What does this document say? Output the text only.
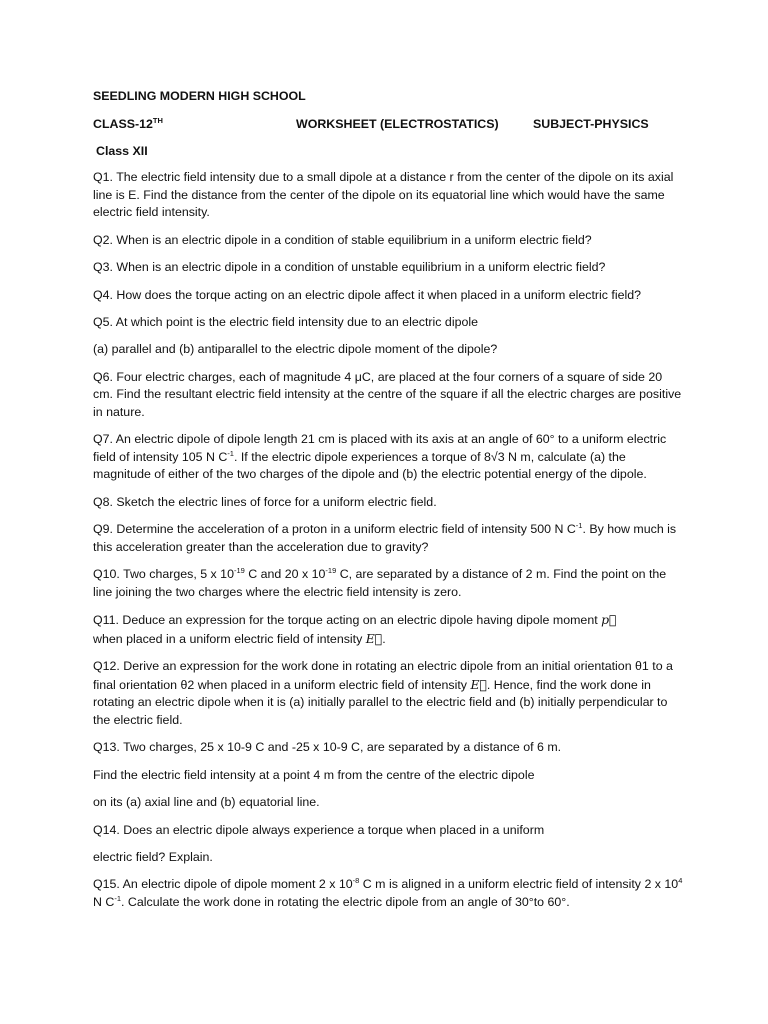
SEEDLING MODERN HIGH SCHOOL
CLASS-12TH	WORKSHEET (ELECTROSTATICS)	SUBJECT-PHYSICS
Class XII

Q1. The electric field intensity due to a small dipole at a distance r from the center of the dipole on its axial line is E. Find the distance from the center of the dipole on its equatorial line which would have the same electric field intensity.

Q2. When is an electric dipole in a condition of stable equilibrium in a uniform electric field?

Q3. When is an electric dipole in a condition of unstable equilibrium in a uniform electric field?

Q4. How does the torque acting on an electric dipole affect it when placed in a uniform electric field?

Q5. At which point is the electric field intensity due to an electric dipole

(a) parallel and (b) antiparallel to the electric dipole moment of the dipole?

Q6. Four electric charges, each of magnitude 4 μC, are placed at the four corners of a square of side 20 cm. Find the resultant electric field intensity at the centre of the square if all the electric charges are positive in nature.

Q7. An electric dipole of dipole length 21 cm is placed with its axis at an angle of 60° to a uniform electric field of intensity 105 N $C^{-1}$. If the electric dipole experiences a torque of 8√3 N m, calculate (a) the magnitude of either of the two charges of the dipole and (b) the electric potential energy of the dipole.

Q8. Sketch the electric lines of force for a uniform electric field.

Q9. Determine the acceleration of a proton in a uniform electric field of intensity 500 N $C^{-1}$. By how much is this acceleration greater than the acceleration due to gravity?

Q10. Two charges, 5 x $10^{-19}$ C and 20 x $10^{-19}$ C, are separated by a distance of 2 m. Find the point on the line joining the two charges where the electric field intensity is zero.

Q11. Deduce an expression for the torque acting on an electric dipole having dipole moment p⃗
when placed in a uniform electric field of intensity E⃗.

Q12. Derive an expression for the work done in rotating an electric dipole from an initial orientation θ1 to a final orientation θ2 when placed in a uniform electric field of intensity E⃗. Hence, find the work done in rotating an electric dipole when it is (a) initially parallel to the electric field and (b) initially perpendicular to the electric field.

Q13. Two charges, 25 x 10-9 C and -25 x 10-9 C, are separated by a distance of 6 m.

Find the electric field intensity at a point 4 m from the centre of the electric dipole

on its (a) axial line and (b) equatorial line.

Q14. Does an electric dipole always experience a torque when placed in a uniform

electric field? Explain.

Q15. An electric dipole of dipole moment 2 x $10^{-8}$ C m is aligned in a uniform electric field of intensity 2 x $10^4$ N $C^{-1}$. Calculate the work done in rotating the electric dipole from an angle of 30°to 60°.
